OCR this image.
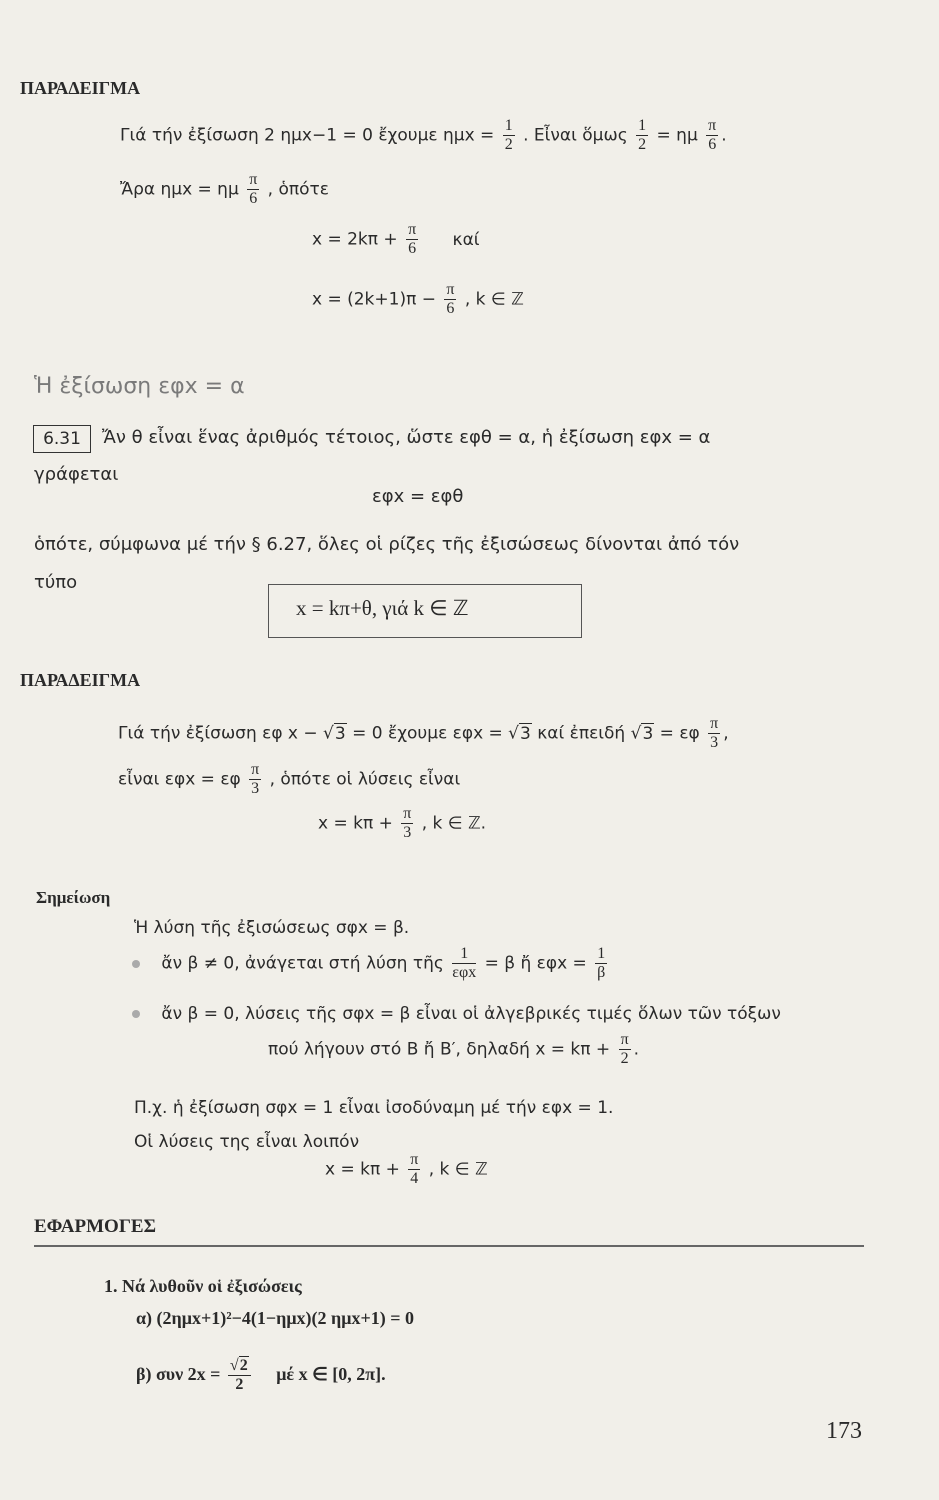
ΠΑΡΑΔΕΙΓΜΑ
Γιά τήν ἐξίσωση 2 ημx−1 = 0 ἔχουμε $\eta\mu x = \frac{1}{2}$ . Εἶναι ὅμως $\frac{1}{2} = \eta\mu \frac{\pi}{6}$ .
Ἄρα ημx = ημ $\frac{\pi}{6}$ , ὁπότε
$x = 2k\pi + \frac{\pi}{6}$ καί
$x = (2k+1)\pi - \frac{\pi}{6}$ , k ∈ ℤ
Ἡ ἐξίσωση εφx = α
6.31	Ἄν θ εἶναι ἕνας ἀριθμός τέτοιος, ὥστε εφθ = α, ἡ ἐξίσωση εφx = α
γράφεται
εφx = εφθ
ὁπότε, σύμφωνα μέ τήν § 6.27, ὅλες οἱ ρίζες τῆς ἐξισώσεως δίνονται ἀπό τόν
τύπο
x = kπ+θ, γιά k ∈ ℤ
ΠΑΡΑΔΕΙΓΜΑ
Γιά τήν ἐξίσωση εφ x − √3 = 0 ἔχουμε εφx = √3 καί ἐπειδή √3 = εφ $\frac{\pi}{3}$ ,
εἶναι εφx = εφ $\frac{\pi}{3}$ , ὁπότε οἱ λύσεις εἶναι
$x = k\pi + \frac{\pi}{3}$ , k ∈ ℤ.
Σημείωση
Ἡ λύση τῆς ἐξισώσεως σφx = β.
ἄν β ≠ 0, ἀνάγεται στή λύση τῆς $\frac{1}{\text{εφx}} = \beta$ ἤ $\varepsilon\varphi x = \frac{1}{\beta}$
ἄν β = 0, λύσεις τῆς σφx = β εἶναι οἱ ἀλγεβρικές τιμές ὅλων τῶν τόξων
πού λήγουν στό B ἤ B′, δηλαδή $x = k\pi + \frac{\pi}{2}$ .
Π.χ. ἡ ἐξίσωση σφx = 1 εἶναι ἰσοδύναμη μέ τήν εφx = 1.
Οἱ λύσεις της εἶναι λοιπόν
$x = k\pi + \frac{\pi}{4}$ , k ∈ ℤ
ΕΦΑΡΜΟΓΕΣ
1. Νά λυθοῦν οἱ ἐξισώσεις
α) (2ημx+1)²−4(1−ημx)(2 ημx+1) = 0
β) συν $2x = \frac{√2}{2}$ μέ x ∈ [0, 2π].
173
